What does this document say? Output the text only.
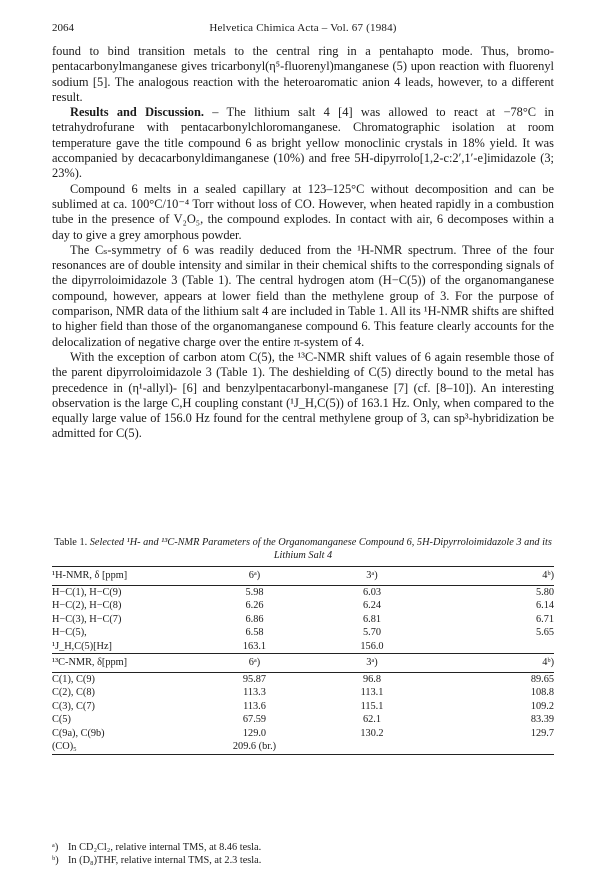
2064	Helvetica Chimica Acta – Vol. 67 (1984)

found to bind transition metals to the central ring in a pentahapto mode. Thus, bromo-pentacarbonylmanganese gives tricarbonyl(η⁵-fluorenyl)manganese (5) upon reaction with fluorenyl sodium [5]. The analogous reaction with the heteroaromatic anion 4 leads, however, to a different result.

Results and Discussion. – The lithium salt 4 [4] was allowed to react at −78°C in tetrahydrofurane with pentacarbonylchloromanganese. Chromatographic isolation at room temperature gave the title compound 6 as bright yellow monoclinic crystals in 18% yield. It was accompanied by decacarbonyldimanganese (10%) and free 5H-dipyrrolo[1,2-c:2′,1′-e]imidazole (3; 23%).

Compound 6 melts in a sealed capillary at 123–125°C without decomposition and can be sublimed at ca. 100°C/10⁻⁴ Torr without loss of CO. However, when heated rapidly in a combustion tube in the presence of V₂O₅, the compound explodes. In contact with air, 6 decomposes within a day to give a grey amorphous powder.

The Cₛ-symmetry of 6 was readily deduced from the ¹H-NMR spectrum. Three of the four resonances are of double intensity and similar in their chemical shifts to the corresponding signals of the dipyrroloimidazole 3 (Table 1). The central hydrogen atom (H−C(5)) of the organomanganese compound, however, appears at lower field than the methylene group of 3. For the purpose of comparison, NMR data of the lithium salt 4 are included in Table 1. All its ¹H-NMR shifts are shifted to higher field than those of the organomanganese compound 6. This feature clearly accounts for the delocalization of negative charge over the entire π-system of 4.

With the exception of carbon atom C(5), the ¹³C-NMR shift values of 6 again resemble those of the parent dipyrroloimidazole 3 (Table 1). The deshielding of C(5) directly bound to the metal has precedence in (η¹-allyl)- [6] and benzylpentacarbonyl-manganese [7] (cf. [8–10]). An interesting observation is the large C,H coupling constant (¹J_H,C(5)) of 163.1 Hz. Only, when compared to the equally large value of 156.0 Hz found for the central methylene group of 3, can sp³-hybridization be admitted for C(5).

Table 1. Selected ¹H- and ¹³C-NMR Parameters of the Organomanganese Compound 6, 5H-Dipyrroloimidazole 3 and its Lithium Salt 4
¹H-NMR, δ [ppm]	6ᵃ)	3ᵃ)	4ᵇ)
H−C(1), H−C(9)	5.98	6.03	5.80
H−C(2), H−C(8)	6.26	6.24	6.14
H−C(3), H−C(7)	6.86	6.81	6.71
H−C(5),	6.58	5.70	5.65
¹J_H,C(5)[Hz]	163.1	156.0	
¹³C-NMR, δ[ppm]	6ᵃ)	3ᵃ)	4ᵇ)
C(1), C(9)	95.87	96.8	89.65
C(2), C(8)	113.3	113.1	108.8
C(3), C(7)	113.6	115.1	109.2
C(5)	67.59	62.1	83.39
C(9a), C(9b)	129.0	130.2	129.7
(CO)₅	209.6 (br.)		
ᵃ) In CD₂Cl₂, relative internal TMS, at 8.46 tesla.
ᵇ) In (D₈)THF, relative internal TMS, at 2.3 tesla.
